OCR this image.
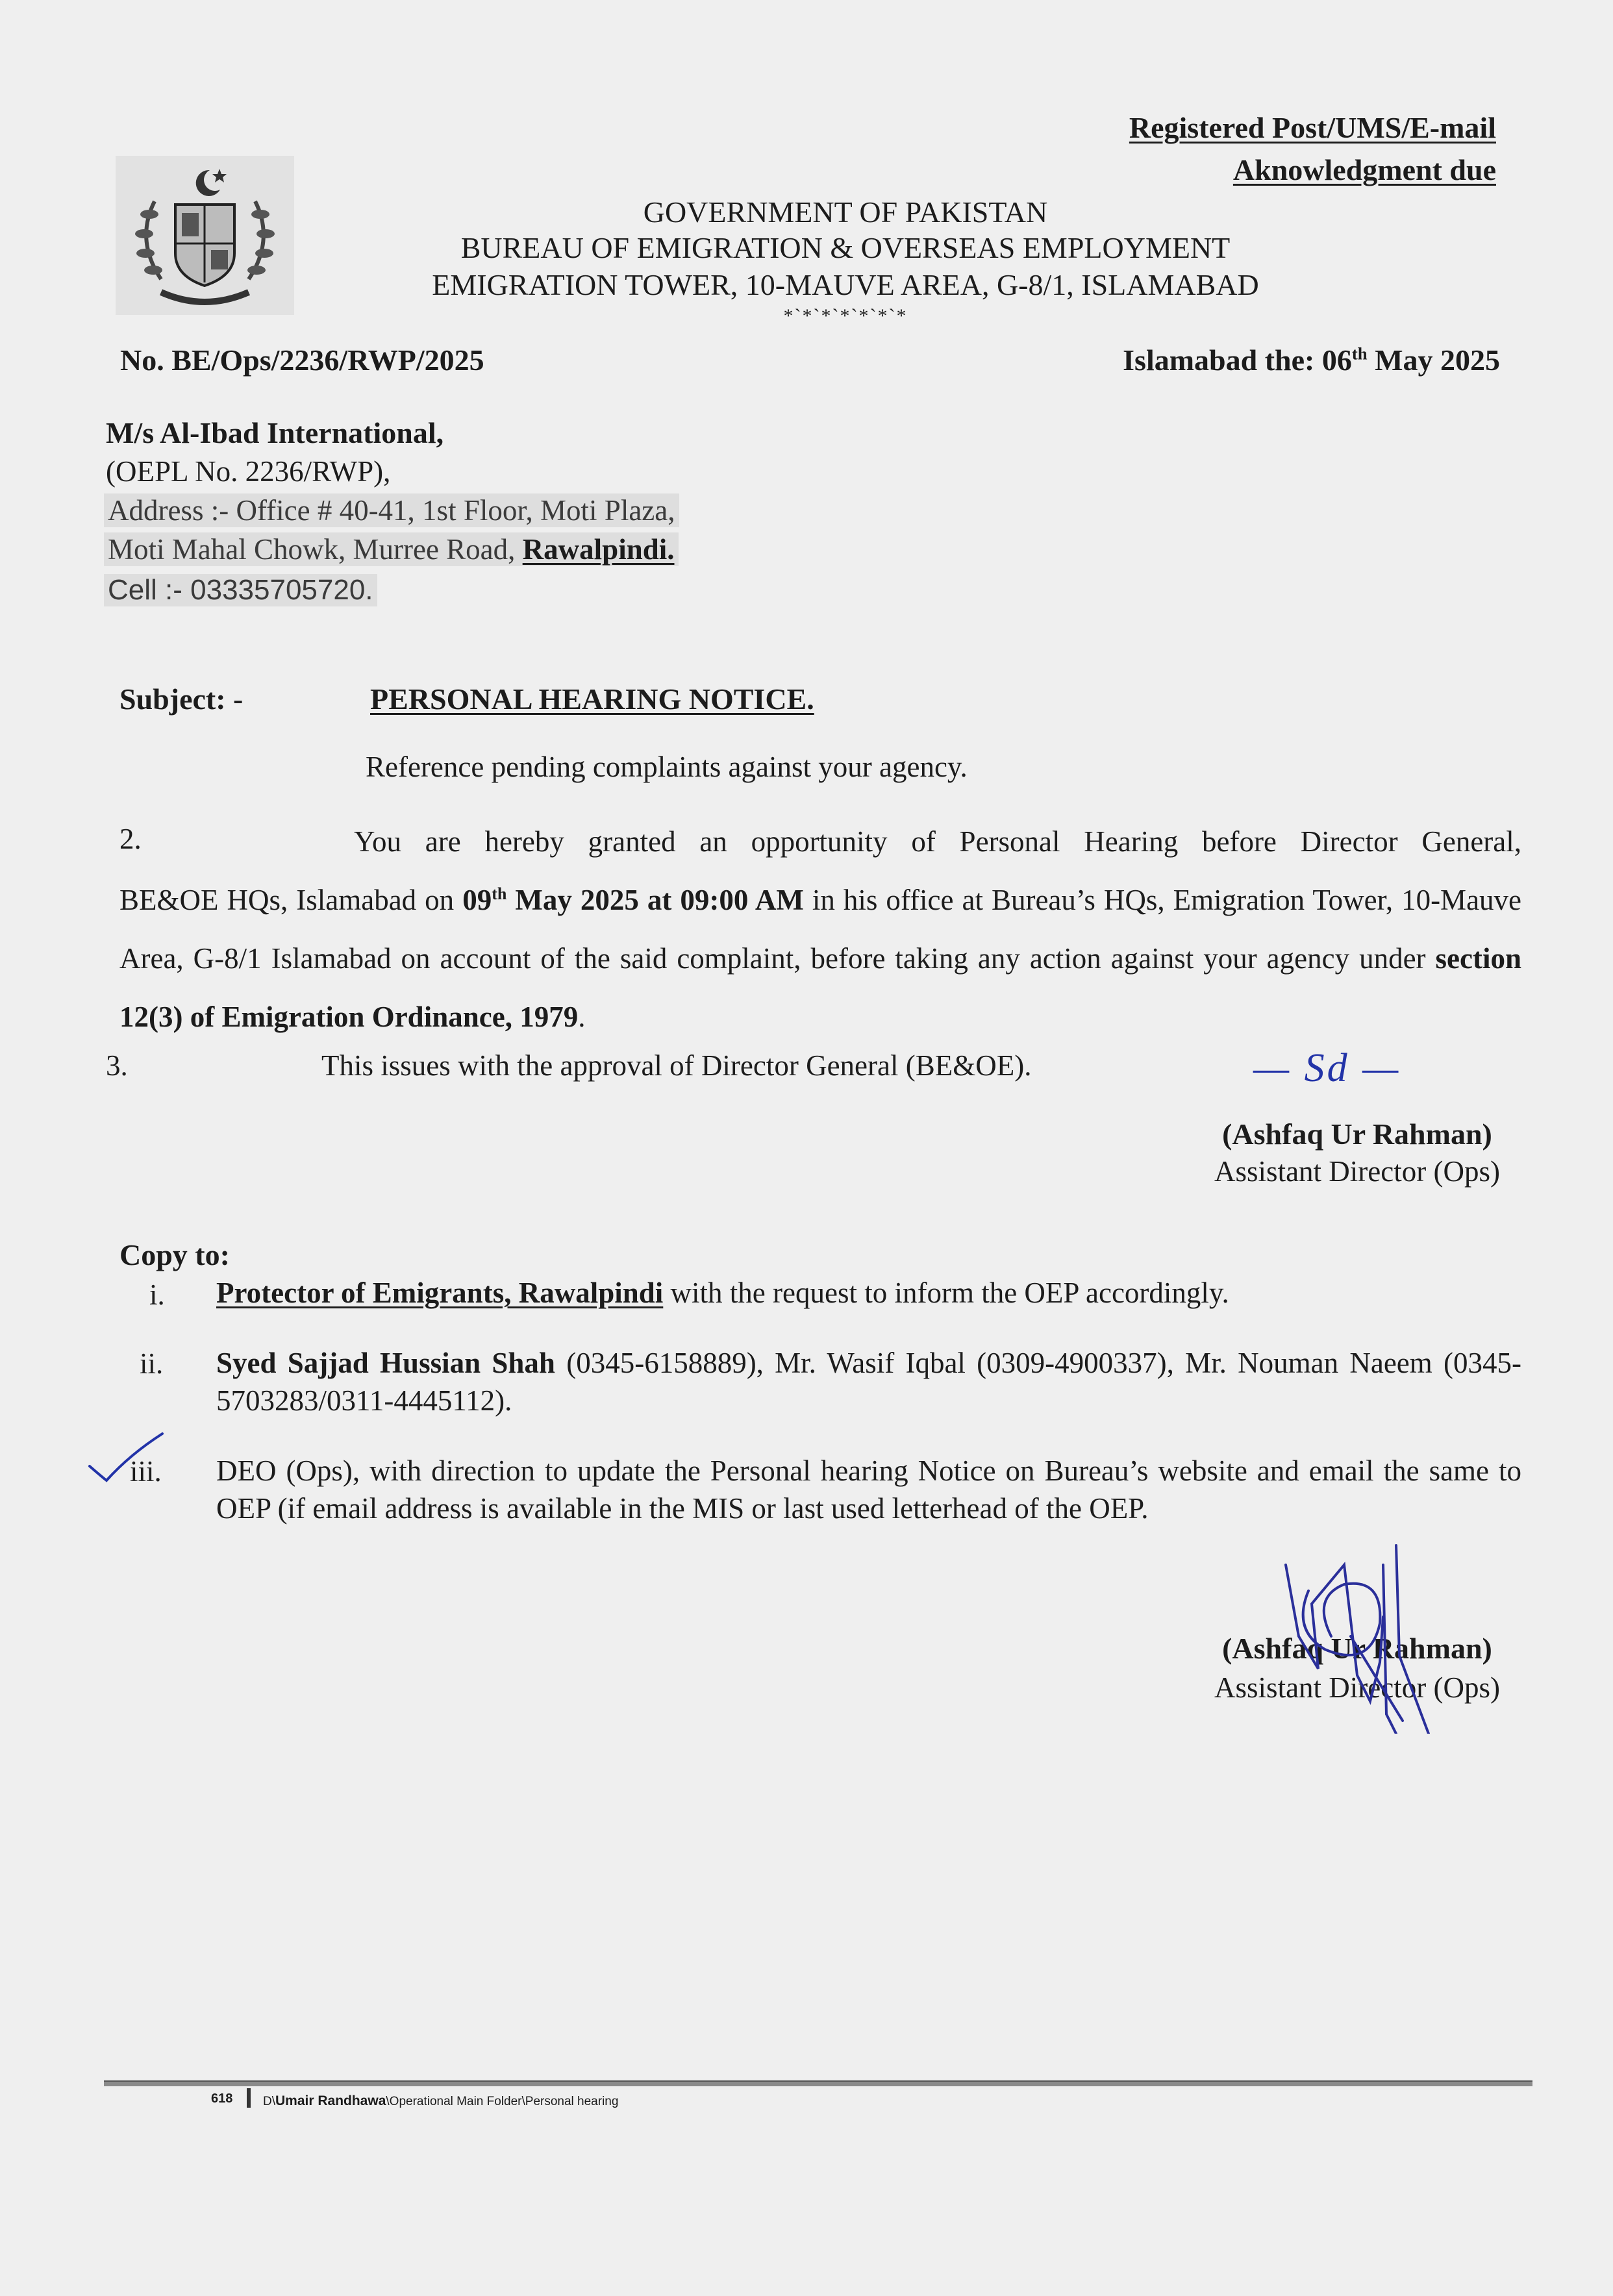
Registered Post/UMS/E-mail
Aknowledgment due
GOVERNMENT OF PAKISTAN
BUREAU OF EMIGRATION & OVERSEAS EMPLOYMENT
EMIGRATION TOWER, 10-MAUVE AREA, G-8/1, ISLAMABAD
*`*`*`*`*`*`*
No. BE/Ops/2236/RWP/2025	Islamabad the: 06th May 2025
M/s Al-Ibad International,
(OEPL No. 2236/RWP),
Address :- Office # 40-41, 1st Floor, Moti Plaza,
Moti Mahal Chowk, Murree Road, Rawalpindi.
Cell :- 03335705720.
Subject: -	PERSONAL HEARING NOTICE.
Reference pending complaints against your agency.
2.	You are hereby granted an opportunity of Personal Hearing before Director General,
BE&OE HQs, Islamabad on 09th May 2025 at 09:00 AM in his office at Bureau’s HQs, Emigration Tower, 10-Mauve Area, G-8/1 Islamabad on account of the said complaint, before taking any action against your agency under section 12(3) of Emigration Ordinance, 1979.
3.	This issues with the approval of Director General (BE&OE).	— Sd —
(Ashfaq Ur Rahman)
Assistant Director (Ops)
Copy to:
i. Protector of Emigrants, Rawalpindi with the request to inform the OEP accordingly.
ii. Syed Sajjad Hussian Shah (0345-6158889), Mr. Wasif Iqbal (0309-4900337), Mr. Nouman Naeem (0345-5703283/0311-4445112).
iii. DEO (Ops), with direction to update the Personal hearing Notice on Bureau’s website and email the same to OEP (if email address is available in the MIS or last used letterhead of the OEP.
(Ashfaq Ur Rahman)
Assistant Director (Ops)
618 D\Umair Randhawa\Operational Main Folder\Personal hearing
